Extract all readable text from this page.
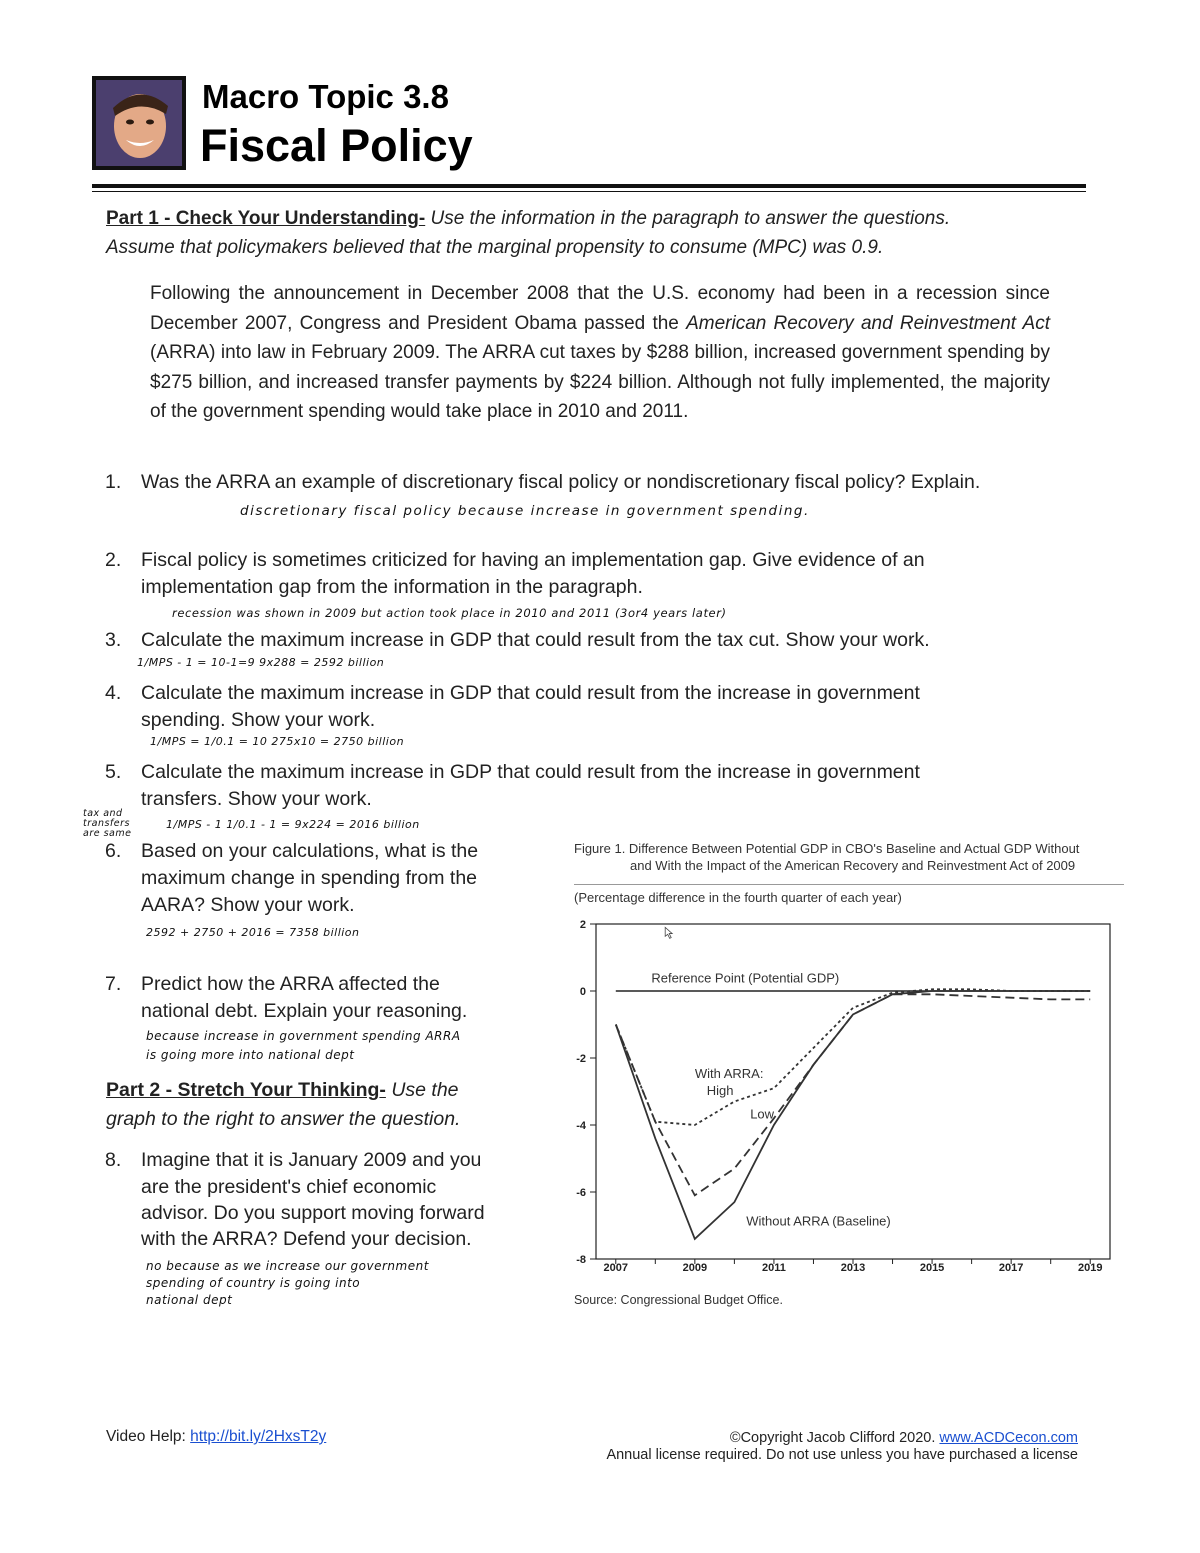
Macro Topic 3.8
Fiscal Policy
Part 1 - Check Your Understanding- Use the information in the paragraph to answer the questions.
Assume that policymakers believed that the marginal propensity to consume (MPC) was 0.9.
Following the announcement in December 2008 that the U.S. economy had been in a recession since December 2007, Congress and President Obama passed the American Recovery and Reinvestment Act (ARRA) into law in February 2009. The ARRA cut taxes by $288 billion, increased government spending by $275 billion, and increased transfer payments by $224 billion. Although not fully implemented, the majority of the government spending would take place in 2010 and 2011.
1. Was the ARRA an example of discretionary fiscal policy or nondiscretionary fiscal policy? Explain.
discretionary fiscal policy because increase in government spending.
2. Fiscal policy is sometimes criticized for having an implementation gap. Give evidence of an
implementation gap from the information in the paragraph.
recession was shown in 2009 but action took place in 2010 and 2011 (3or4 years later)
3. Calculate the maximum increase in GDP that could result from the tax cut. Show your work.
1/MPS - 1 = 10-1=9 9x288 = 2592 billion
4. Calculate the maximum increase in GDP that could result from the increase in government
spending. Show your work.
1/MPS = 1/0.1 = 10 275x10 = 2750 billion
5. Calculate the maximum increase in GDP that could result from the increase in government
transfers. Show your work.
tax and
transfers
are same
1/MPS - 1 1/0.1 - 1 = 9x224 = 2016 billion
6. Based on your calculations, what is the
maximum change in spending from the
AARA? Show your work.
2592 + 2750 + 2016 = 7358 billion
7. Predict how the ARRA affected the
national debt. Explain your reasoning.
because increase in government spending ARRA
is going more into national dept
Part 2 - Stretch Your Thinking- Use the
graph to the right to answer the question.
8. Imagine that it is January 2009 and you
are the president's chief economic
advisor. Do you support moving forward
with the ARRA? Defend your decision.
no because as we increase our government
spending of country is going into
national dept
Figure 1. Difference Between Potential GDP in CBO's Baseline and Actual GDP Without
and With the Impact of the American Recovery and Reinvestment Act of 2009
(Percentage difference in the fourth quarter of each year)
2
0
-2
-4
-6
-8
2007	2009	2011	2013	2015	2017	2019
Reference Point (Potential GDP)
With ARRA:
High
Low
Without ARRA (Baseline)
Source: Congressional Budget Office.
Video Help: http://bit.ly/2HxsT2y	©Copyright Jacob Clifford 2020. www.ACDCecon.com
Annual license required. Do not use unless you have purchased a license
